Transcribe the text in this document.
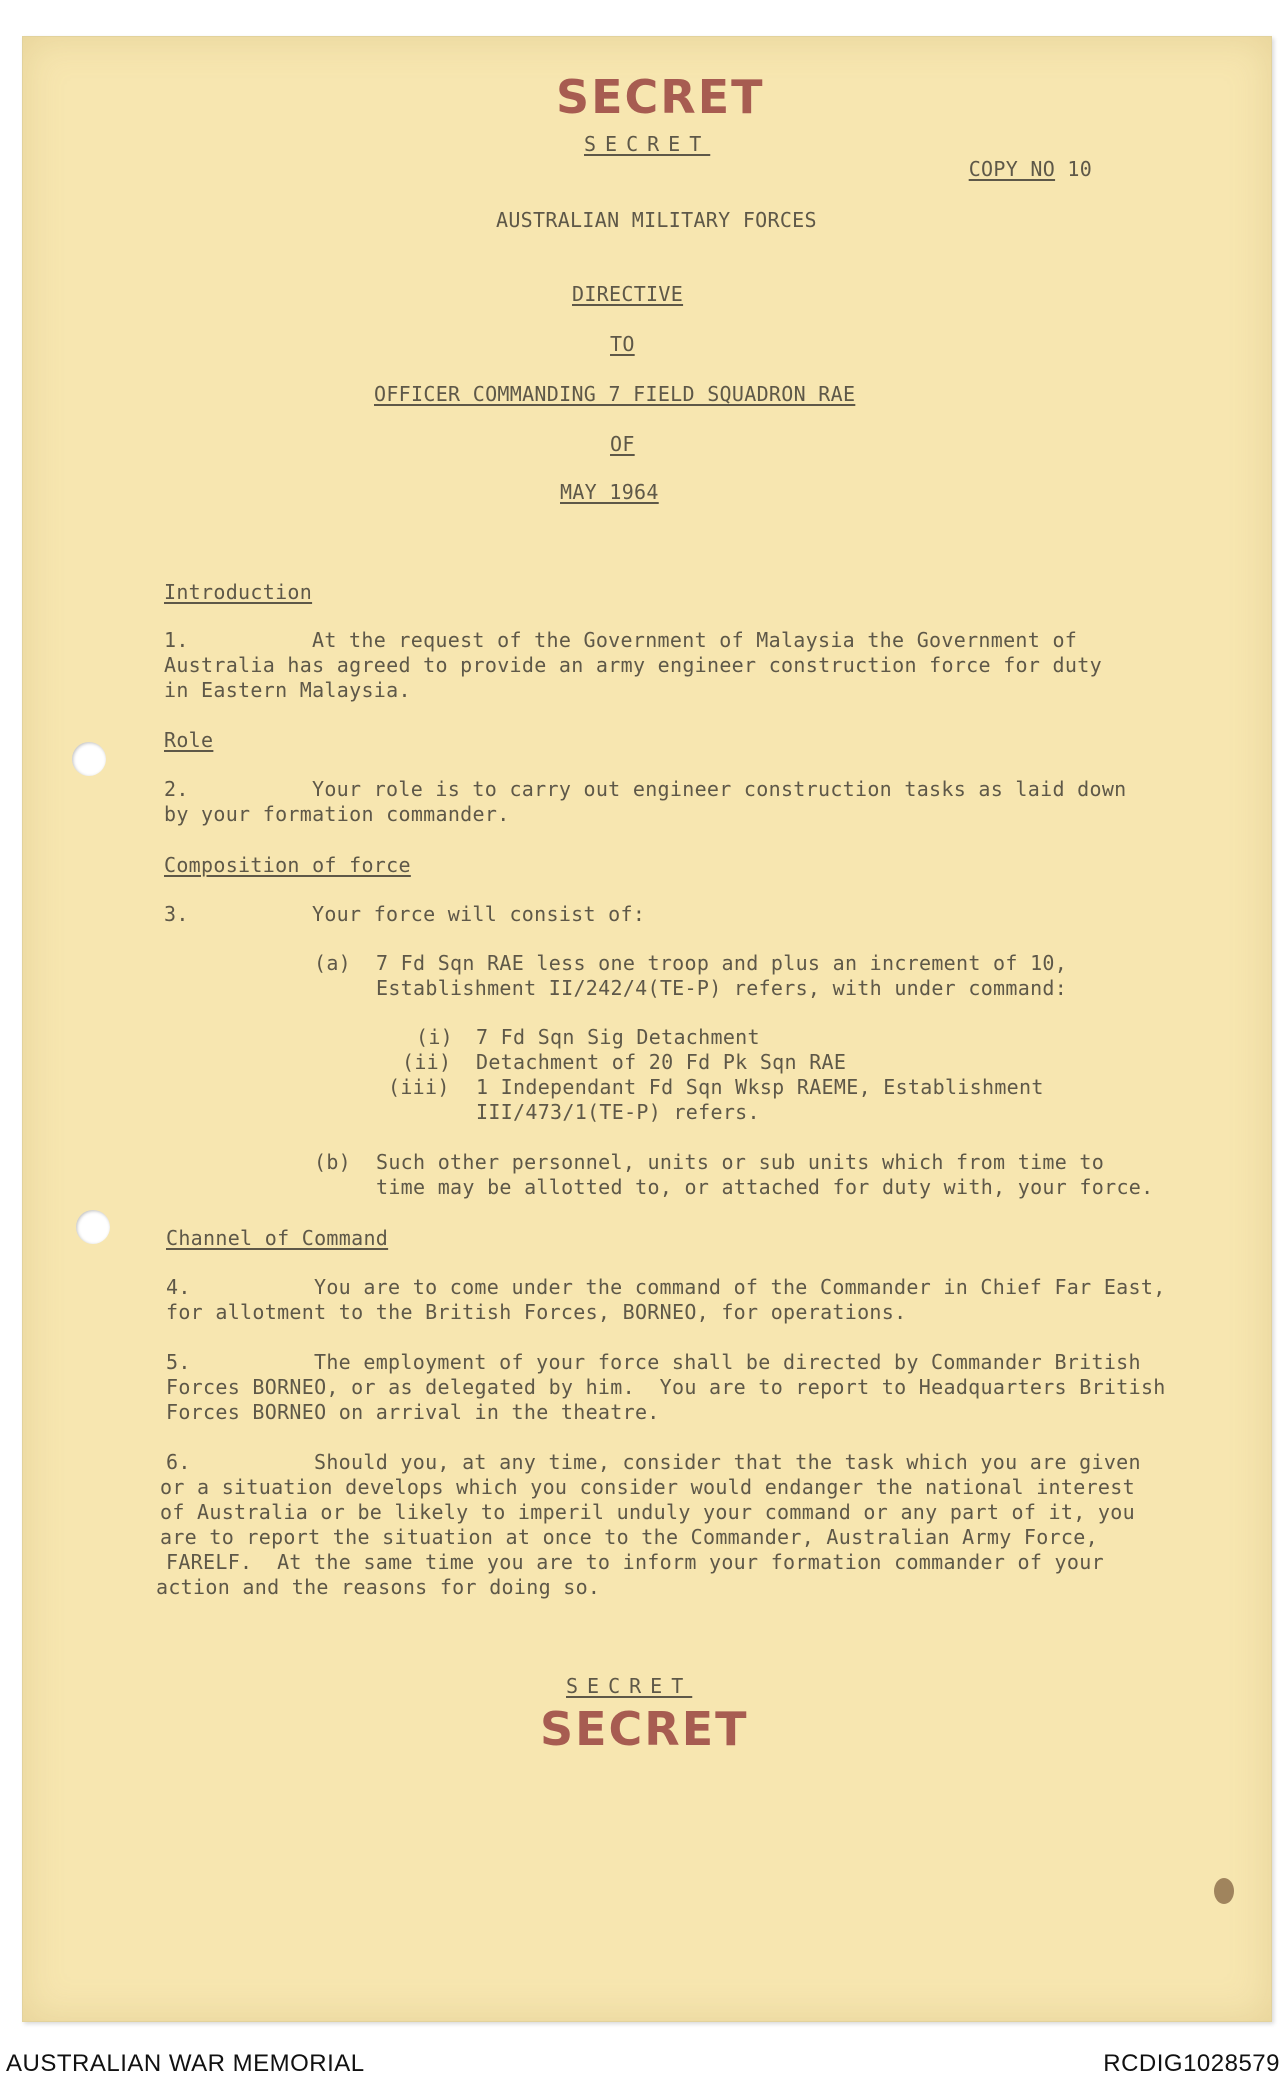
SECRET
SECRET

COPY NO 10

AUSTRALIAN MILITARY FORCES
DIRECTIVE
TO
OFFICER COMMANDING 7 FIELD SQUADRON RAE
OF
MAY 1964
Introduction
1.	At the request of the Government of Malaysia the Government of
Australia has agreed to provide an army engineer construction force for duty
in Eastern Malaysia.
Role
2.	Your role is to carry out engineer construction tasks as laid down
by your formation commander.
Composition of force
3.	Your force will consist of:
(a) 7 Fd Sqn RAE less one troop and plus an increment of 10,
Establishment II/242/4(TE-P) refers, with under command:
(i) 7 Fd Sqn Sig Detachment
(ii) Detachment of 20 Fd Pk Sqn RAE
(iii) 1 Independant Fd Sqn Wksp RAEME, Establishment
III/473/1(TE-P) refers.
(b) Such other personnel, units or sub units which from time to
time may be allotted to, or attached for duty with, your force.
Channel of Command
4.	You are to come under the command of the Commander in Chief Far East,
for allotment to the British Forces, BORNEO, for operations.
5.	The employment of your force shall be directed by Commander British
Forces BORNEO, or as delegated by him.  You are to report to Headquarters British
Forces BORNEO on arrival in the theatre.
6.	Should you, at any time, consider that the task which you are given
or a situation develops which you consider would endanger the national interest
of Australia or be likely to imperil unduly your command or any part of it, you
are to report the situation at once to the Commander, Australian Army Force,
FARELF.  At the same time you are to inform your formation commander of your
action and the reasons for doing so.
SECRET
SECRET
AUSTRALIAN WAR MEMORIAL	RCDIG1028579
